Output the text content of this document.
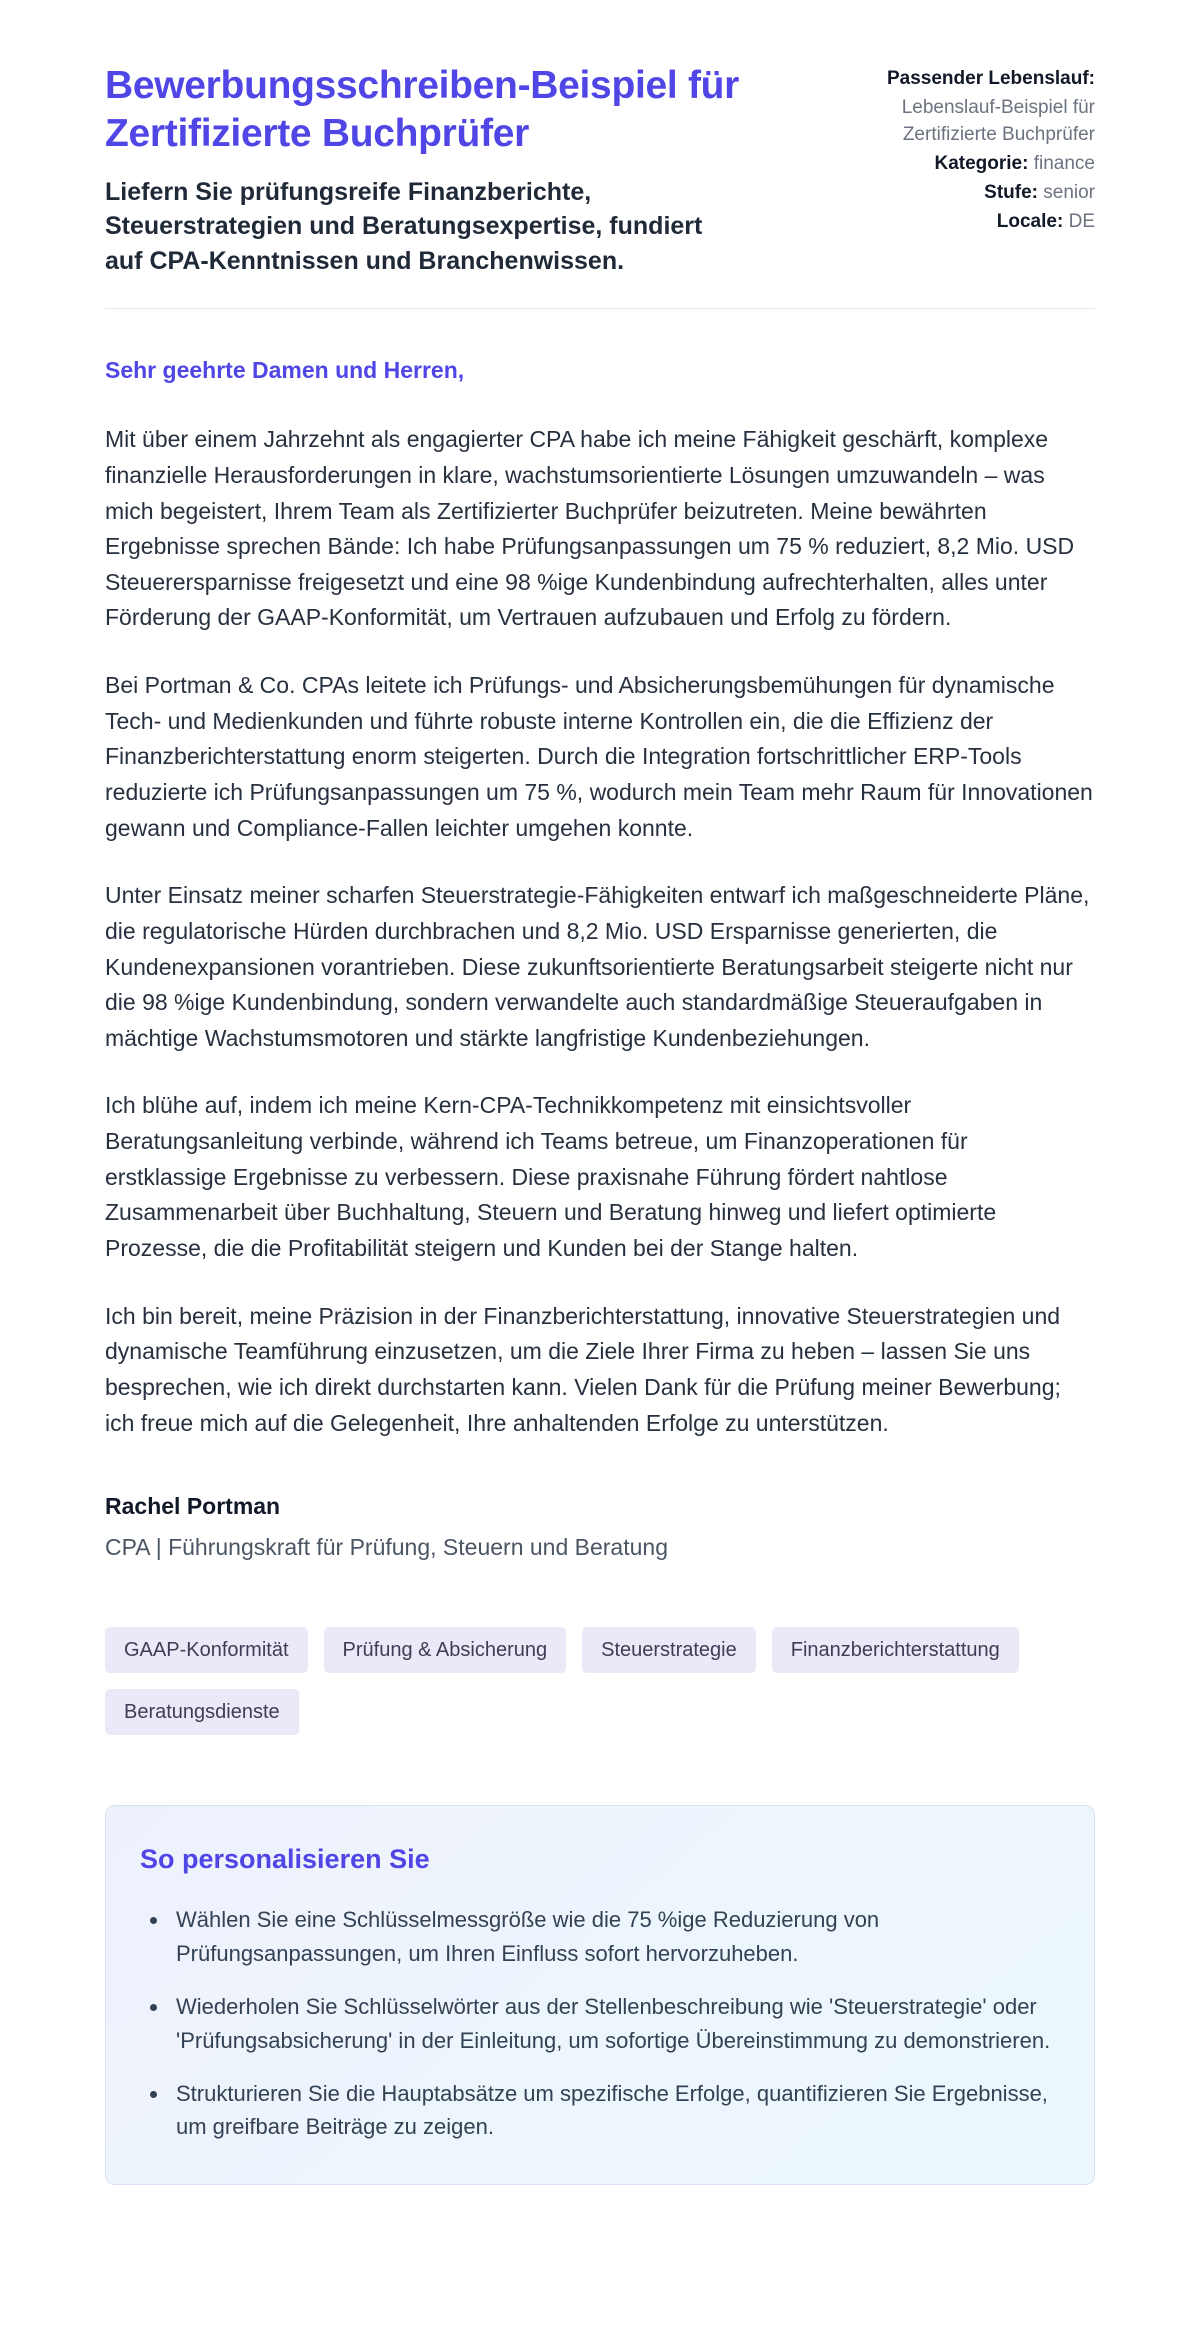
Bewerbungsschreiben-Beispiel für Zertifizierte Buchprüfer

Liefern Sie prüfungsreife Finanzberichte, Steuerstrategien und Beratungsexpertise, fundiert auf CPA-Kenntnissen und Branchenwissen.

Passender Lebenslauf:
Lebenslauf-Beispiel für Zertifizierte Buchprüfer
Kategorie: finance
Stufe: senior
Locale: DE

Sehr geehrte Damen und Herren,

Mit über einem Jahrzehnt als engagierter CPA habe ich meine Fähigkeit geschärft, komplexe finanzielle Herausforderungen in klare, wachstumsorientierte Lösungen umzuwandeln – was mich begeistert, Ihrem Team als Zertifizierter Buchprüfer beizutreten. Meine bewährten Ergebnisse sprechen Bände: Ich habe Prüfungsanpassungen um 75 % reduziert, 8,2 Mio. USD Steuerersparnisse freigesetzt und eine 98 %ige Kundenbindung aufrechterhalten, alles unter Förderung der GAAP-Konformität, um Vertrauen aufzubauen und Erfolg zu fördern.

Bei Portman & Co. CPAs leitete ich Prüfungs- und Absicherungsbemühungen für dynamische Tech- und Medienkunden und führte robuste interne Kontrollen ein, die die Effizienz der Finanzberichterstattung enorm steigerten. Durch die Integration fortschrittlicher ERP-Tools reduzierte ich Prüfungsanpassungen um 75 %, wodurch mein Team mehr Raum für Innovationen gewann und Compliance-Fallen leichter umgehen konnte.

Unter Einsatz meiner scharfen Steuerstrategie-Fähigkeiten entwarf ich maßgeschneiderte Pläne, die regulatorische Hürden durchbrachen und 8,2 Mio. USD Ersparnisse generierten, die Kundenexpansionen vorantrieben. Diese zukunftsorientierte Beratungsarbeit steigerte nicht nur die 98 %ige Kundenbindung, sondern verwandelte auch standardmäßige Steueraufgaben in mächtige Wachstumsmotoren und stärkte langfristige Kundenbeziehungen.

Ich blühe auf, indem ich meine Kern-CPA-Technikkompetenz mit einsichtsvoller Beratungsanleitung verbinde, während ich Teams betreue, um Finanzoperationen für erstklassige Ergebnisse zu verbessern. Diese praxisnahe Führung fördert nahtlose Zusammenarbeit über Buchhaltung, Steuern und Beratung hinweg und liefert optimierte Prozesse, die die Profitabilität steigern und Kunden bei der Stange halten.

Ich bin bereit, meine Präzision in der Finanzberichterstattung, innovative Steuerstrategien und dynamische Teamführung einzusetzen, um die Ziele Ihrer Firma zu heben – lassen Sie uns besprechen, wie ich direkt durchstarten kann. Vielen Dank für die Prüfung meiner Bewerbung; ich freue mich auf die Gelegenheit, Ihre anhaltenden Erfolge zu unterstützen.

Rachel Portman

CPA | Führungskraft für Prüfung, Steuern und Beratung

GAAP-Konformität	Prüfung & Absicherung	Steuerstrategie	Finanzberichterstattung
Beratungsdienste
So personalisieren Sie
• Wählen Sie eine Schlüsselmessgröße wie die 75 %ige Reduzierung von Prüfungsanpassungen, um Ihren Einfluss sofort hervorzuheben.
• Wiederholen Sie Schlüsselwörter aus der Stellenbeschreibung wie 'Steuerstrategie' oder 'Prüfungsabsicherung' in der Einleitung, um sofortige Übereinstimmung zu demonstrieren.
• Strukturieren Sie die Hauptabsätze um spezifische Erfolge, quantifizieren Sie Ergebnisse, um greifbare Beiträge zu zeigen.
